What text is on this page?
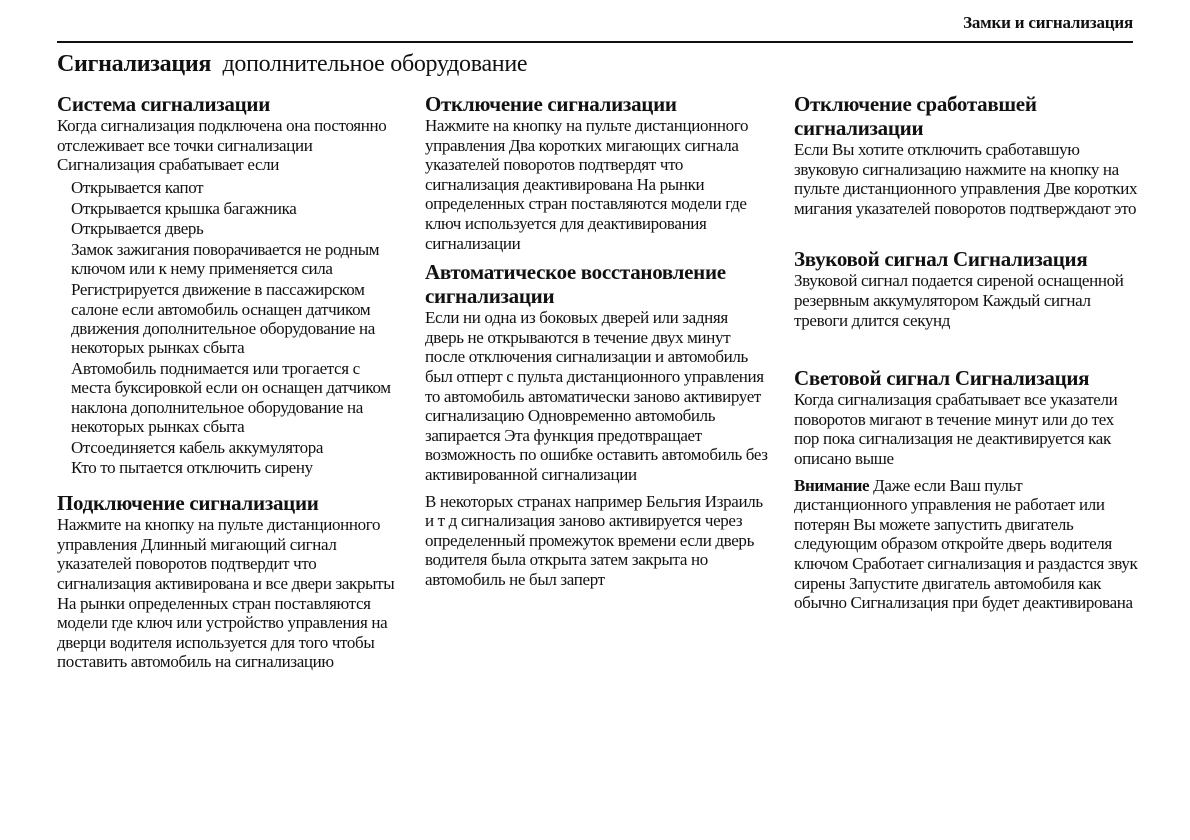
Замки и сигнализация
Сигнализация дополнительное оборудование
Система сигнализации

Когда сигнализация подключена она постоянно отслеживает все точки сигнализации Сигнализация срабатывает если

Открывается капот
Открывается крышка багажника
Открывается дверь
Замок зажигания поворачивается не родным ключом или к нему применяется сила
Регистрируется движение в пассажирском салоне если автомобиль оснащен датчиком движения дополнительное оборудование на некоторых рынках сбыта
Автомобиль поднимается или трогается с места буксировкой если он оснащен датчиком наклона дополнительное оборудование на некоторых рынках сбыта
Отсоединяется кабель аккумулятора
Кто то пытается отключить сирену
Подключение сигнализации

Нажмите на кнопку на пульте дистанционного управления Длинный мигающий сигнал указателей поворотов подтвердит что сигнализация активирована и все двери закрыты На рынки определенных стран поставляются модели где ключ или устройство управления на дверци водителя используется для того чтобы поставить автомобиль на сигнализацию

Отключение сигнализации

Нажмите на кнопку на пульте дистанционного управления Два коротких мигающих сигнала указателей поворотов подтвердят что сигнализация деактивирована На рынки определенных стран поставляются модели где ключ используется для деактивирования сигнализации

Автоматическое восстановление сигнализации

Если ни одна из боковых дверей или задняя дверь не открываются в течение двух минут после отключения сигнализации и автомобиль был отперт с пульта дистанционного управления то автомобиль автоматически заново активирует сигнализацию Одновременно автомобиль запирается Эта функция предотвращает возможность по ошибке оставить автомобиль без активированной сигнализации

В некоторых странах например Бельгия Израиль и т д сигнализация заново активируется через определенный промежуток времени если дверь водителя была открыта затем закрыта но автомобиль не был заперт

Отключение сработавшей сигнализации

Если Вы хотите отключить сработавшую звуковую сигнализацию нажмите на кнопку на пульте дистанционного управления Две коротких мигания указателей поворотов подтверждают это

Звуковой сигнал Сигнализация

Звуковой сигнал подается сиреной оснащенной резервным аккумулятором Каждый сигнал тревоги длится секунд

Световой сигнал Сигнализация

Когда сигнализация срабатывает все указатели поворотов мигают в течение минут или до тех пор пока сигнализация не деактивируется как описано выше

Внимание Даже если Ваш пульт дистанционного управления не работает или потерян Вы можете запустить двигатель следующим образом откройте дверь водителя ключом Сработает сигнализация и раздастся звук сирены Запустите двигатель автомобиля как обычно Сигнализация при будет деактивирована
